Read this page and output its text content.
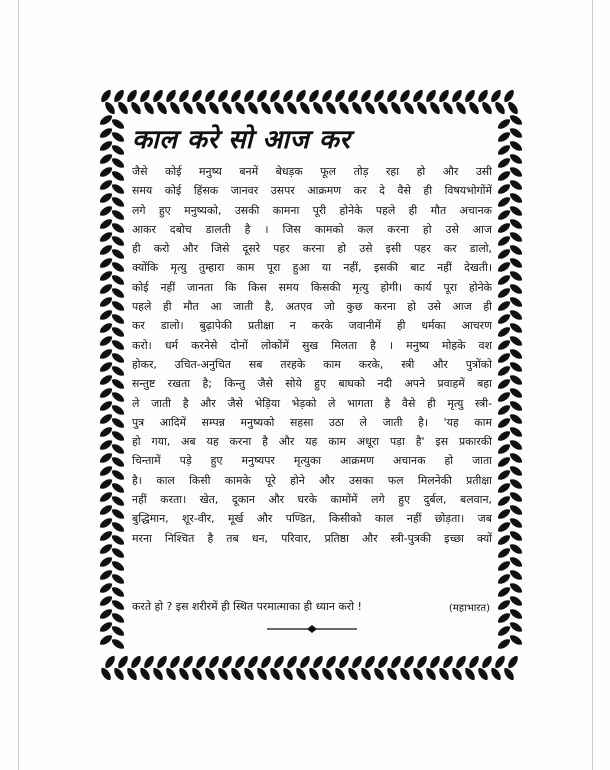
काल करे सो आज कर
जैसे कोई मनुष्य बनमें बेधड़क फूल तोड़ रहा हो और उसी
समय कोई हिंसक जानवर उसपर आक्रमण कर दे वैसे ही विषयभोगोंमें
लगे हुए मनुष्यको, उसकी कामना पूरी होनेके पहले ही मौत अचानक
आकर दबोच डालती है । जिस कामको कल करना हो उसे आज
ही करो और जिसे दूसरे पहर करना हो उसे इसी पहर कर डालो,
क्योंकि मृत्यु तुम्हारा काम पूरा हुआ या नहीं, इसकी बाट नहीं देखती।
कोई नहीं जानता कि किस समय किसकी मृत्यु होगी। कार्य पूरा होनेके
पहले ही मौत आ जाती है, अतएव जो कुछ करना हो उसे आज ही
कर डालो। बुढ़ापेकी प्रतीक्षा न करके जवानीमें ही धर्मका आचरण
करो। धर्म करनेसे दोनों लोकोंमें सुख मिलता है । मनुष्य मोहके वश
होकर, उचित-अनुचित सब तरहके काम करके, स्त्री और पुत्रोंको
सन्तुष्ट रखता है; किन्तु जैसे सोये हुए बाघको नदी अपने प्रवाहमें बहा
ले जाती है और जैसे भेड़िया भेड़को ले भागता है वैसे ही मृत्यु स्त्री-
पुत्र आदिमें सम्पन्न मनुष्यको सहसा उठा ले जाती है। 'यह काम
हो गया, अब यह करना है और यह काम अधूरा पड़ा है' इस प्रकारकी
चिन्तामें पड़े हुए मनुष्यपर मृत्युका आक्रमण अचानक हो जाता
है। काल किसी कामके पूरे होने और उसका फल मिलनेकी प्रतीक्षा
नहीं करता। खेत, दूकान और घरके कामोंमें लगे हुए दुर्बल, बलवान,
बुद्धिमान, शूर-वीर, मूर्ख और पण्डित, किसीको काल नहीं छोड़ता। जब
मरना निश्चित है तब धन, परिवार, प्रतिष्ठा और स्त्री-पुत्रकी इच्छा क्यों
करते हो ? इस शरीरमें ही स्थित परमात्माका ही ध्यान करो !	(महाभारत)
